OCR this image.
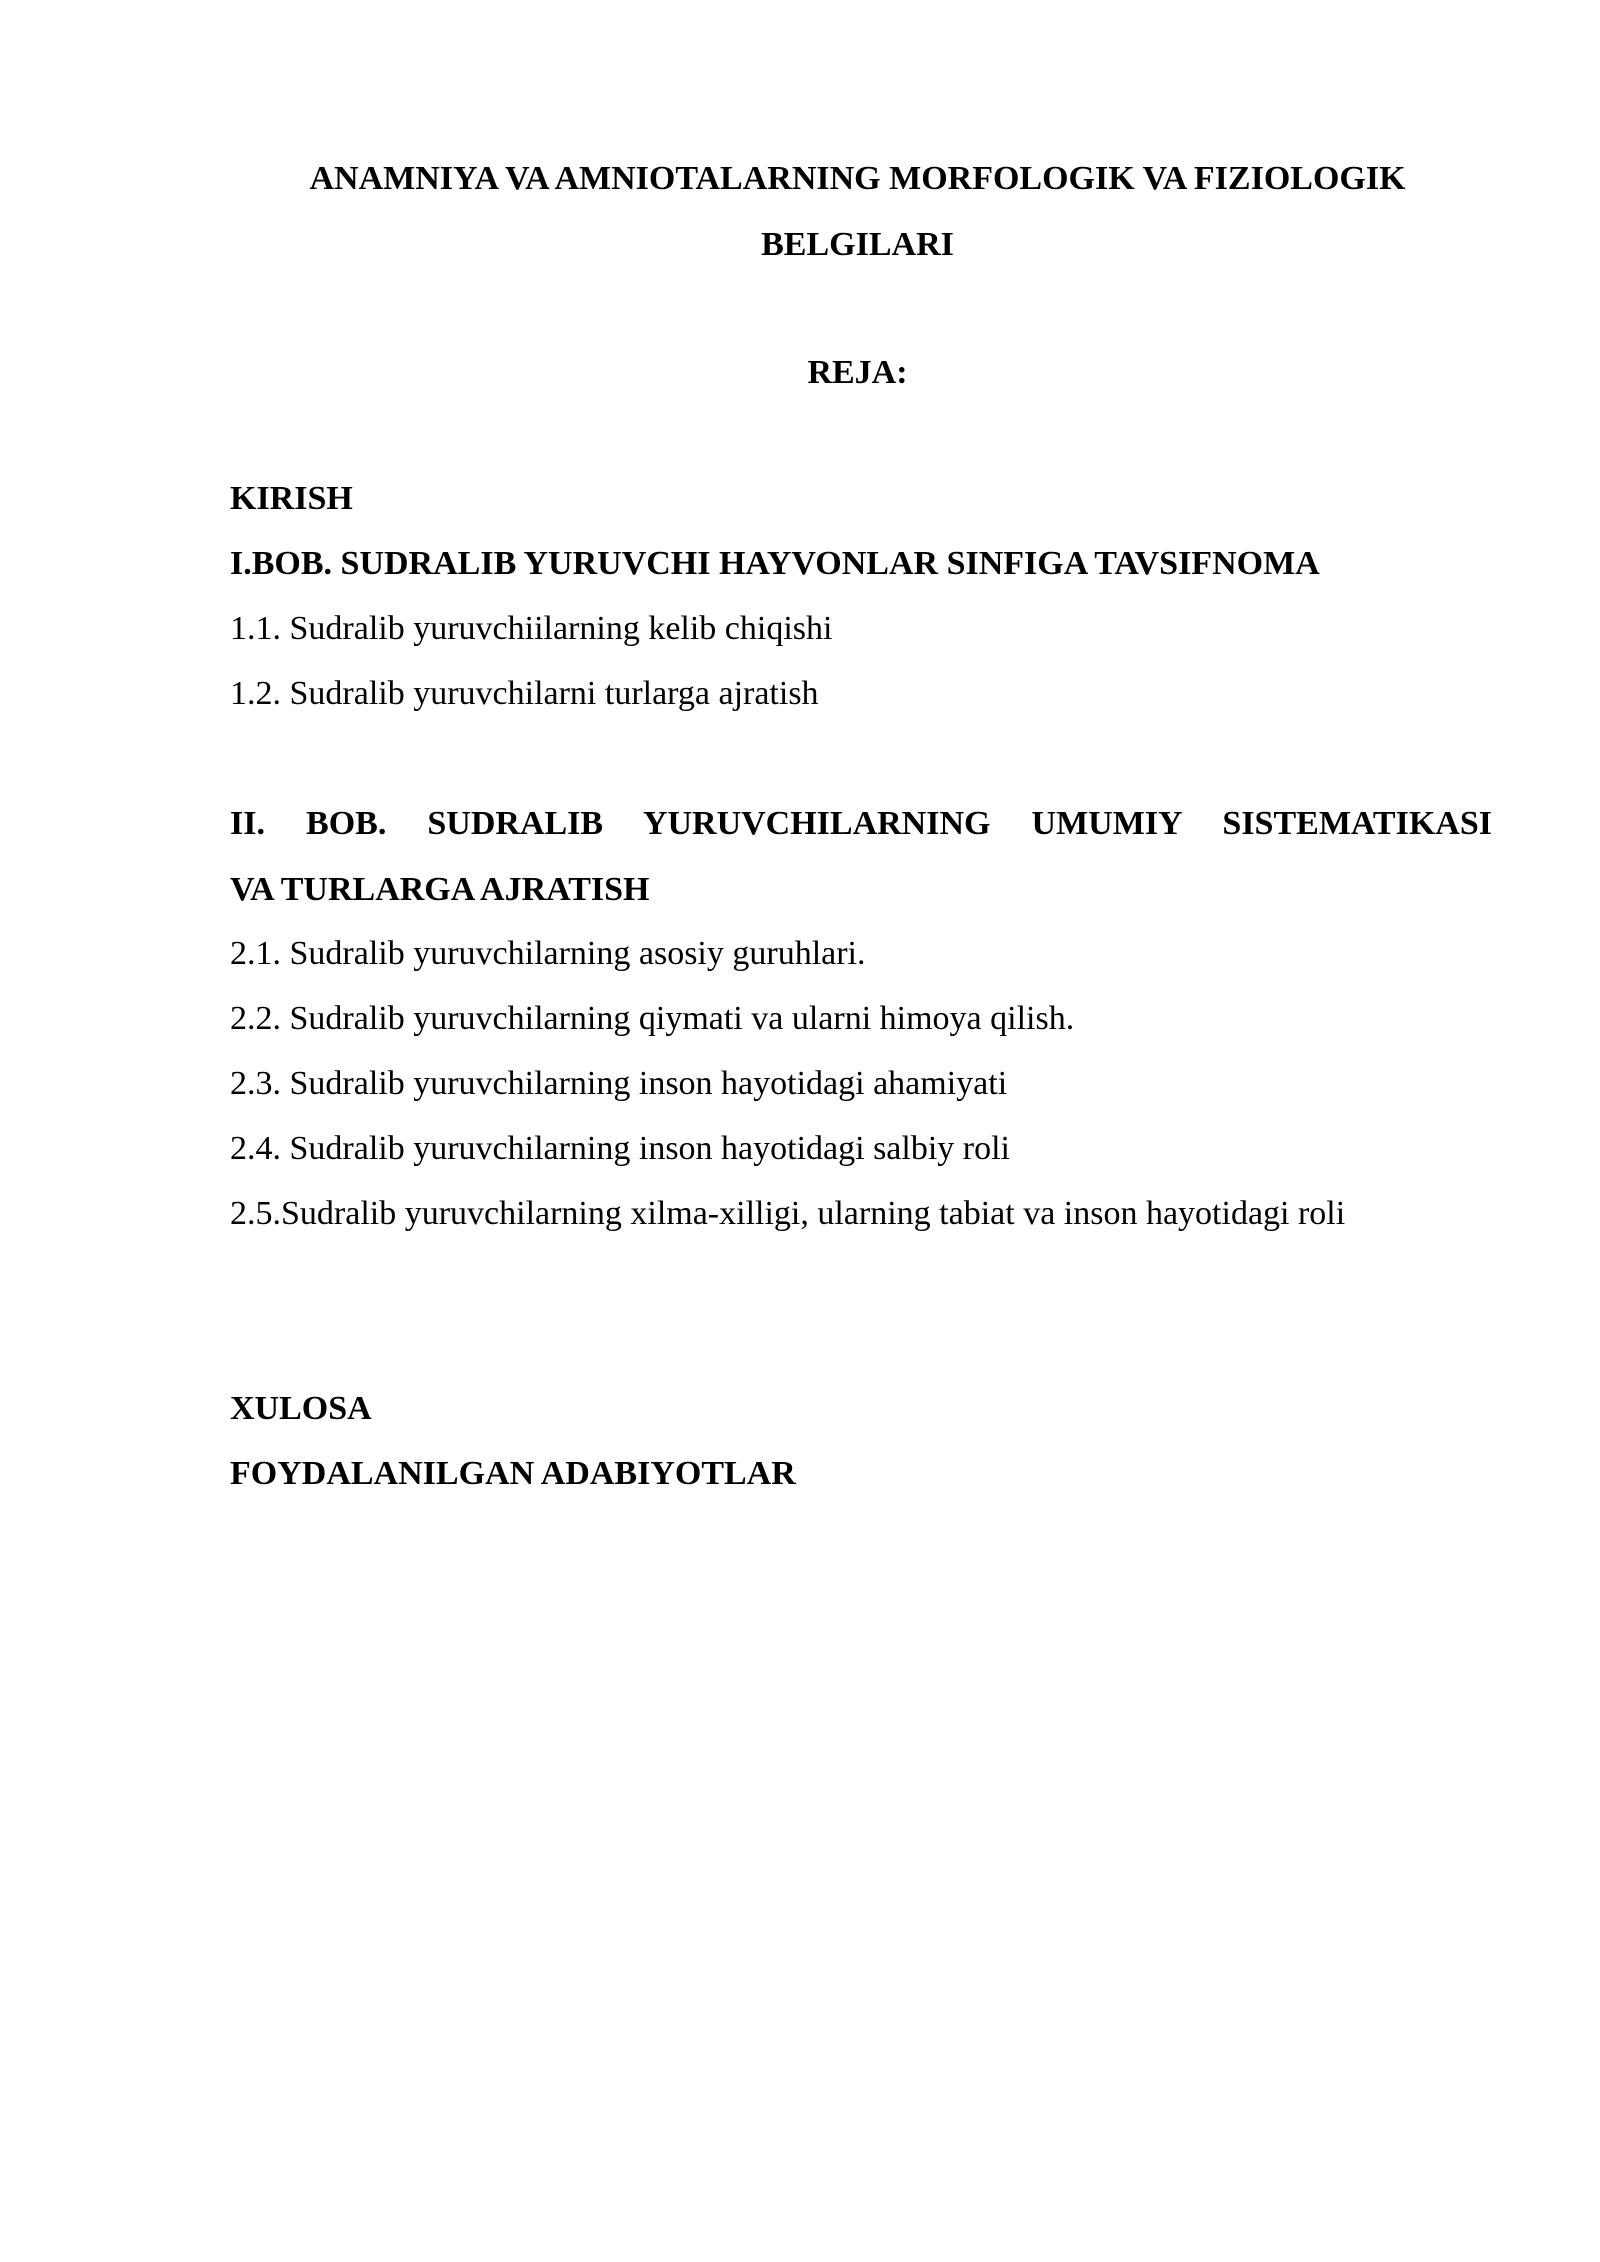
ANAMNIYA VA AMNIOTALARNING MORFOLOGIK VA FIZIOLOGIK
BELGILARI
REJA:

KIRISH

I.BOB. SUDRALIB YURUVCHI HAYVONLAR SINFIGA TAVSIFNOMA

1.1. Sudralib yuruvchiilarning kelib chiqishi

1.2. Sudralib yuruvchilarni turlarga ajratish

II. BOB. SUDRALIB YURUVCHILARNING UMUMIY SISTEMATIKASI
VA TURLARGA AJRATISH

2.1. Sudralib yuruvchilarning asosiy guruhlari.

2.2. Sudralib yuruvchilarning qiymati va ularni himoya qilish.

2.3. Sudralib yuruvchilarning inson hayotidagi ahamiyati

2.4. Sudralib yuruvchilarning inson hayotidagi salbiy roli

2.5.Sudralib yuruvchilarning xilma-xilligi, ularning tabiat va inson hayotidagi roli

XULOSA

FOYDALANILGAN ADABIYOTLAR
